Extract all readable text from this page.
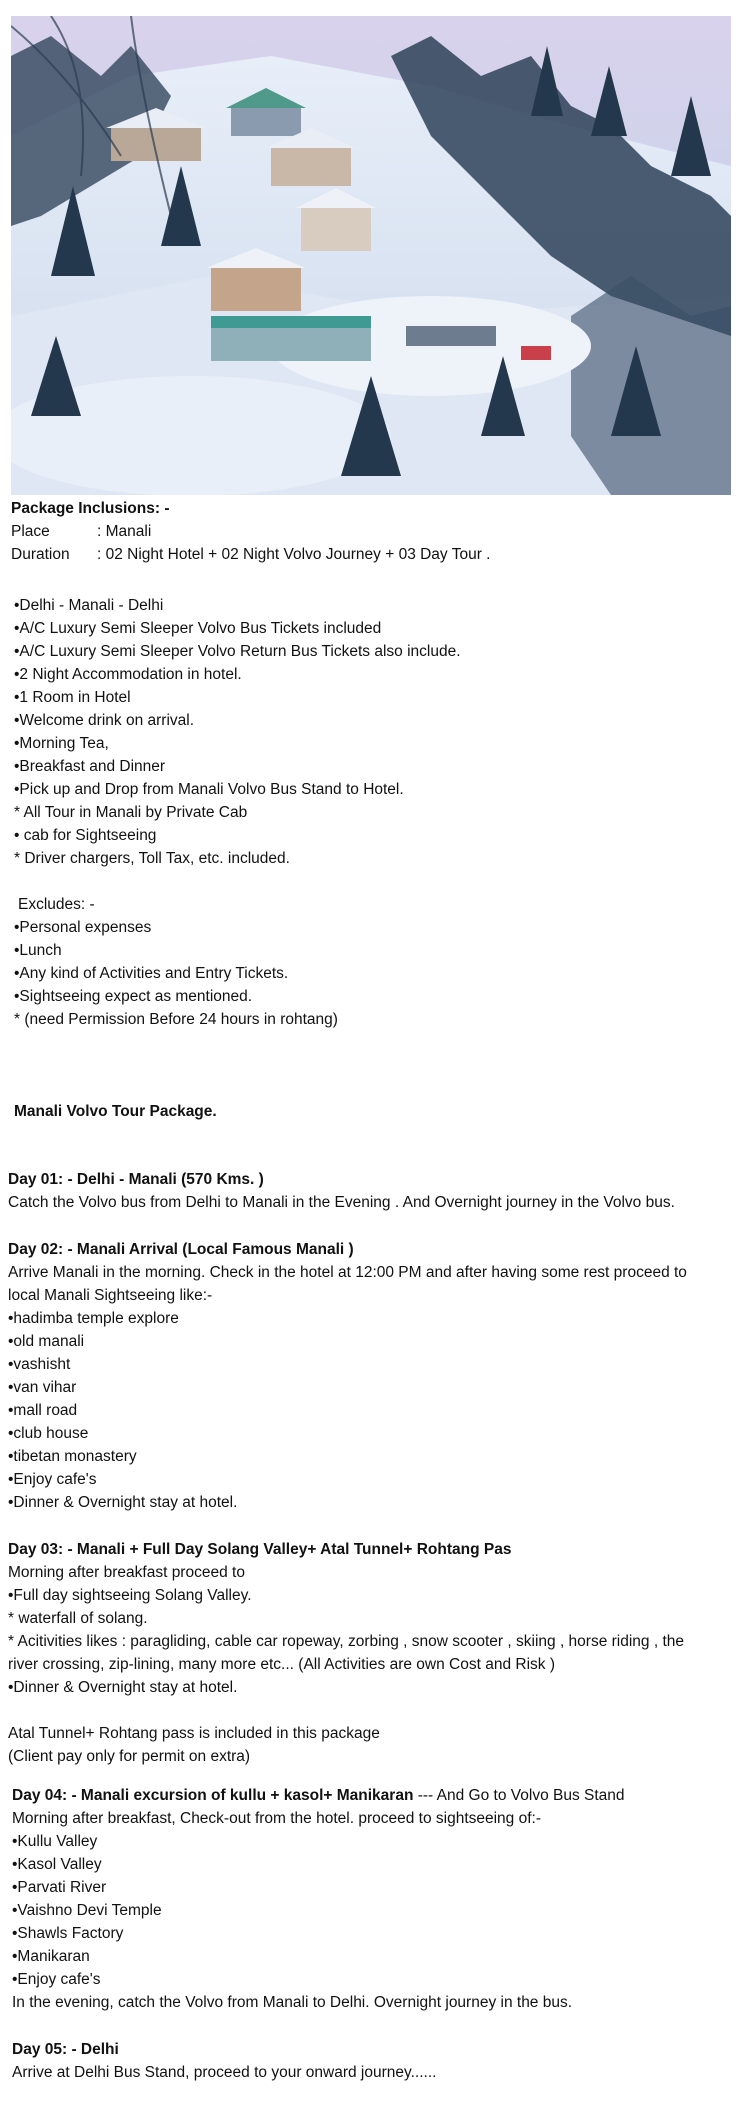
Package Inclusions: -
Place	: Manali
Duration : 02 Night Hotel + 02 Night Volvo Journey + 03 Day Tour .
•Delhi - Manali - Delhi
•A/C Luxury Semi Sleeper Volvo Bus Tickets included
•A/C Luxury Semi Sleeper Volvo Return Bus Tickets also include.
•2 Night Accommodation in hotel.
•1 Room in Hotel
•Welcome drink on arrival.
•Morning Tea,
•Breakfast and Dinner
•Pick up and Drop from Manali Volvo Bus Stand to Hotel.
* All Tour in Manali by Private Cab
• cab for Sightseeing
* Driver chargers, Toll Tax, etc. included.
Excludes: -
•Personal expenses
•Lunch
•Any kind of Activities and Entry Tickets.
•Sightseeing expect as mentioned.
* (need Permission Before 24 hours in rohtang)
Manali Volvo Tour Package.
Day 01: - Delhi - Manali (570 Kms. )
Catch the Volvo bus from Delhi to Manali in the Evening . And Overnight journey in the Volvo bus.
Day 02: - Manali Arrival (Local Famous Manali )
Arrive Manali in the morning. Check in the hotel at 12:00 PM and after having some rest proceed to
local Manali Sightseeing like:-
•hadimba temple explore
•old manali
•vashisht
•van vihar
•mall road
•club house
•tibetan monastery
•Enjoy cafe's
•Dinner & Overnight stay at hotel.
Day 03: - Manali + Full Day Solang Valley+ Atal Tunnel+ Rohtang Pas
Morning after breakfast proceed to
•Full day sightseeing Solang Valley.
* waterfall of solang.
* Acitivities likes : paragliding, cable car ropeway, zorbing , snow scooter , skiing , horse riding , the
river crossing, zip-lining, many more etc... (All Activities are own Cost and Risk )
•Dinner & Overnight stay at hotel.
Atal Tunnel+ Rohtang pass is included in this package
(Client pay only for permit on extra)
Day 04: - Manali excursion of kullu + kasol+ Manikaran --- And Go to Volvo Bus Stand
Morning after breakfast, Check-out from the hotel. proceed to sightseeing of:-
•Kullu Valley
•Kasol Valley
•Parvati River
•Vaishno Devi Temple
•Shawls Factory
•Manikaran
•Enjoy cafe's
In the evening, catch the Volvo from Manali to Delhi. Overnight journey in the bus.
Day 05: - Delhi
Arrive at Delhi Bus Stand, proceed to your onward journey......
